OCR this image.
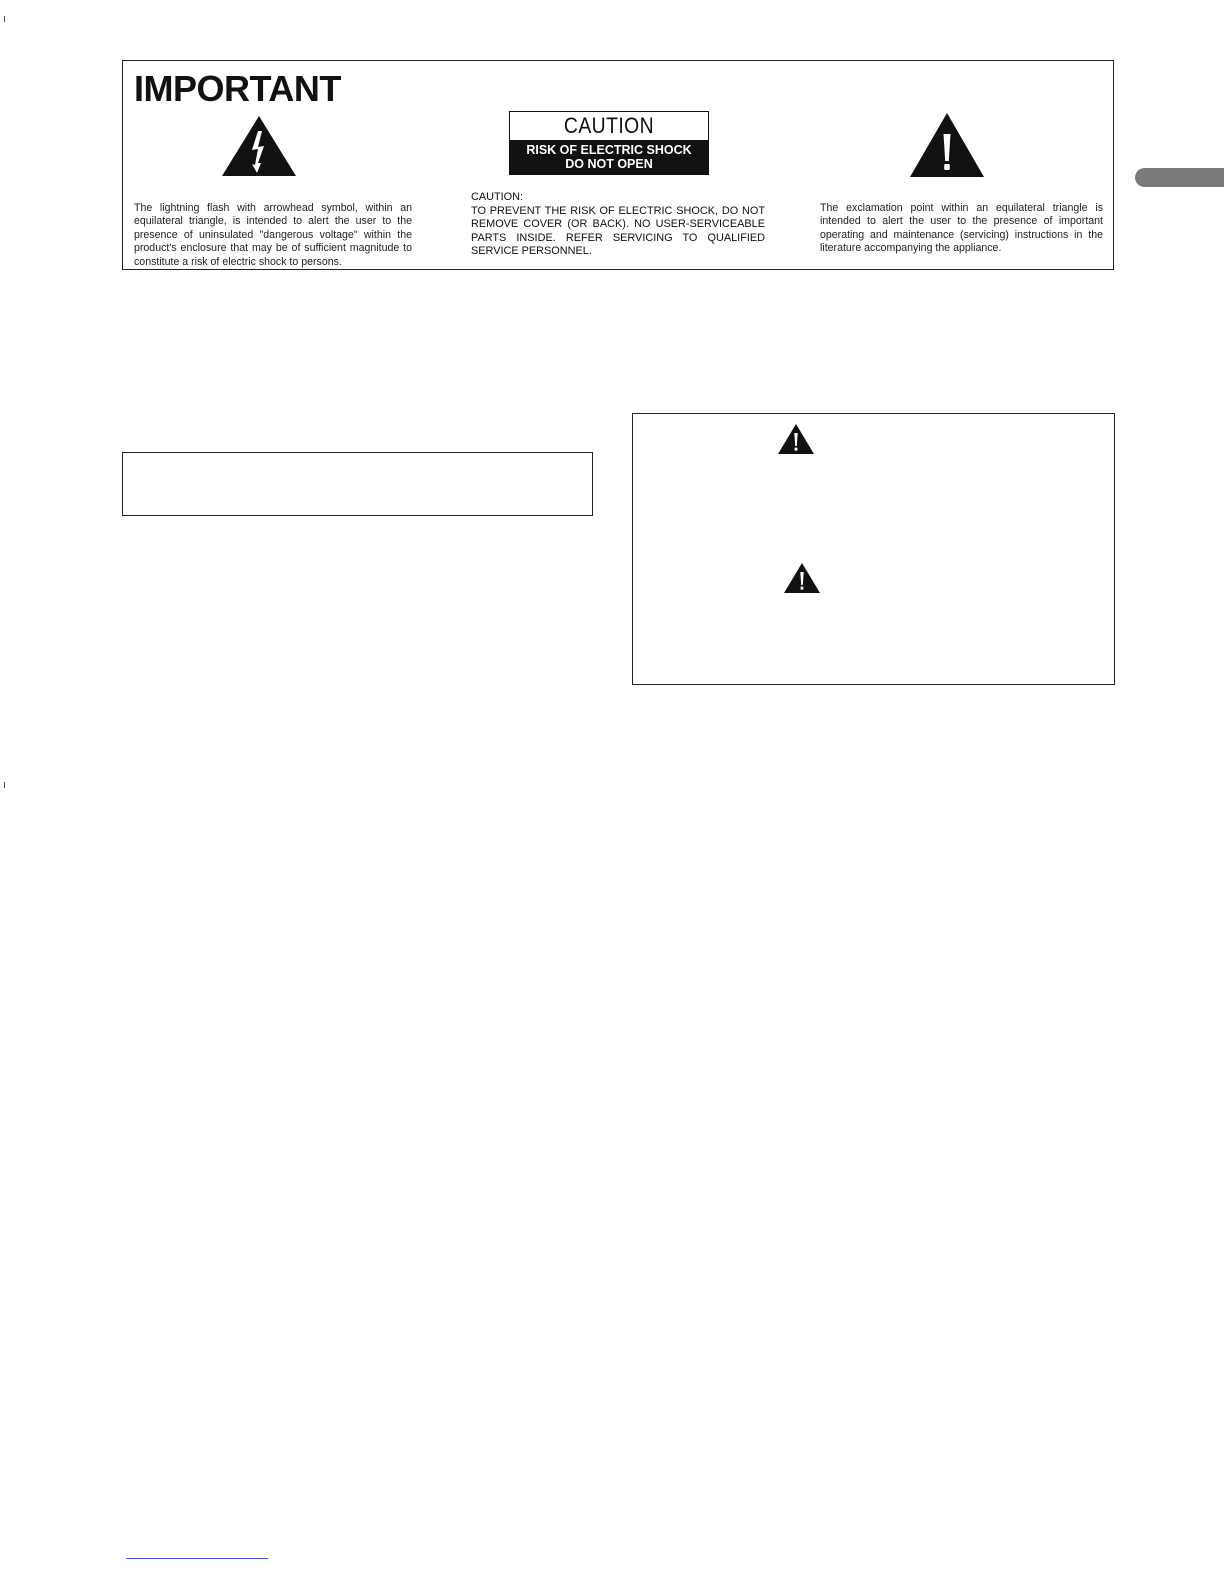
IMPORTANT
CAUTION
RISK OF ELECTRIC SHOCK
DO NOT OPEN

The lightning flash with arrowhead symbol, within an equilateral triangle, is intended to alert the user to the presence of uninsulated "dangerous voltage" within the product's enclosure that may be of sufficient magnitude to constitute a risk of electric shock to persons.

CAUTION:
TO PREVENT THE RISK OF ELECTRIC SHOCK, DO NOT REMOVE COVER (OR BACK). NO USER-SERVICEABLE PARTS INSIDE. REFER SERVICING TO QUALIFIED SERVICE PERSONNEL.

The exclamation point within an equilateral triangle is intended to alert the user to the presence of important operating and maintenance (servicing) instructions in the literature accompanying the appliance.
